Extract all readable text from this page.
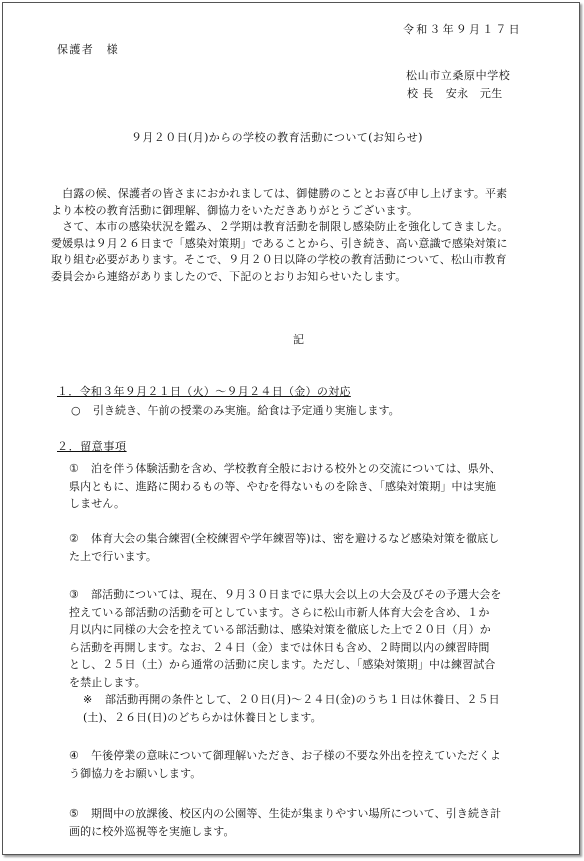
令和３年９月１７日
保護者　様
松山市立桑原中学校
校 長 安永　元生
９月２０日(月)からの学校の教育活動について(お知らせ)

　白露の候、保護者の皆さまにおかれましては、御健勝のこととお喜び申し上げます。平素

より本校の教育活動に御理解、御協力をいただきありがとうございます。

　さて、本市の感染状況を鑑み、２学期は教育活動を制限し感染防止を強化してきました。

愛媛県は９月２６日まで「感染対策期」であることから、引き続き、高い意識で感染対策に

取り組む必要があります。そこで、９月２０日以降の学校の教育活動について、松山市教育

委員会から連絡がありましたので、下記のとおりお知らせいたします。

記
１．令和３年９月２１日（火）～９月２４日（金）の対応
○ 引き続き、午前の授業のみ実施。給食は予定通り実施します。
２．留意事項
①	泊を伴う体験活動を含め、学校教育全般における校外との交流については、県外、
県内ともに、進路に関わるもの等、やむを得ないものを除き、「感染対策期」中は実施
しません。
②	体育大会の集合練習(全校練習や学年練習等)は、密を避けるなど感染対策を徹底し
た上で行います。
③	部活動については、現在、９月３０日までに県大会以上の大会及びその予選大会を
控えている部活動の活動を可としています。さらに松山市新人体育大会を含め、１か
月以内に同様の大会を控えている部活動は、感染対策を徹底した上で２０日（月）か
ら活動を再開します。なお、２４日（金）までは休日も含め、２時間以内の練習時間
とし、２５日（土）から通常の活動に戻します。ただし、「感染対策期」中は練習試合
を禁止します。
※ 部活動再開の条件として、２０日(月)～２４日(金)のうち１日は休養日、２５日
(土)、２６日(日)のどちらかは休養日とします。
④	午後停業の意味について御理解いただき、お子様の不要な外出を控えていただくよ
う御協力をお願いします。
⑤	期間中の放課後、校区内の公園等、生徒が集まりやすい場所について、引き続き計
画的に校外巡視等を実施します。
